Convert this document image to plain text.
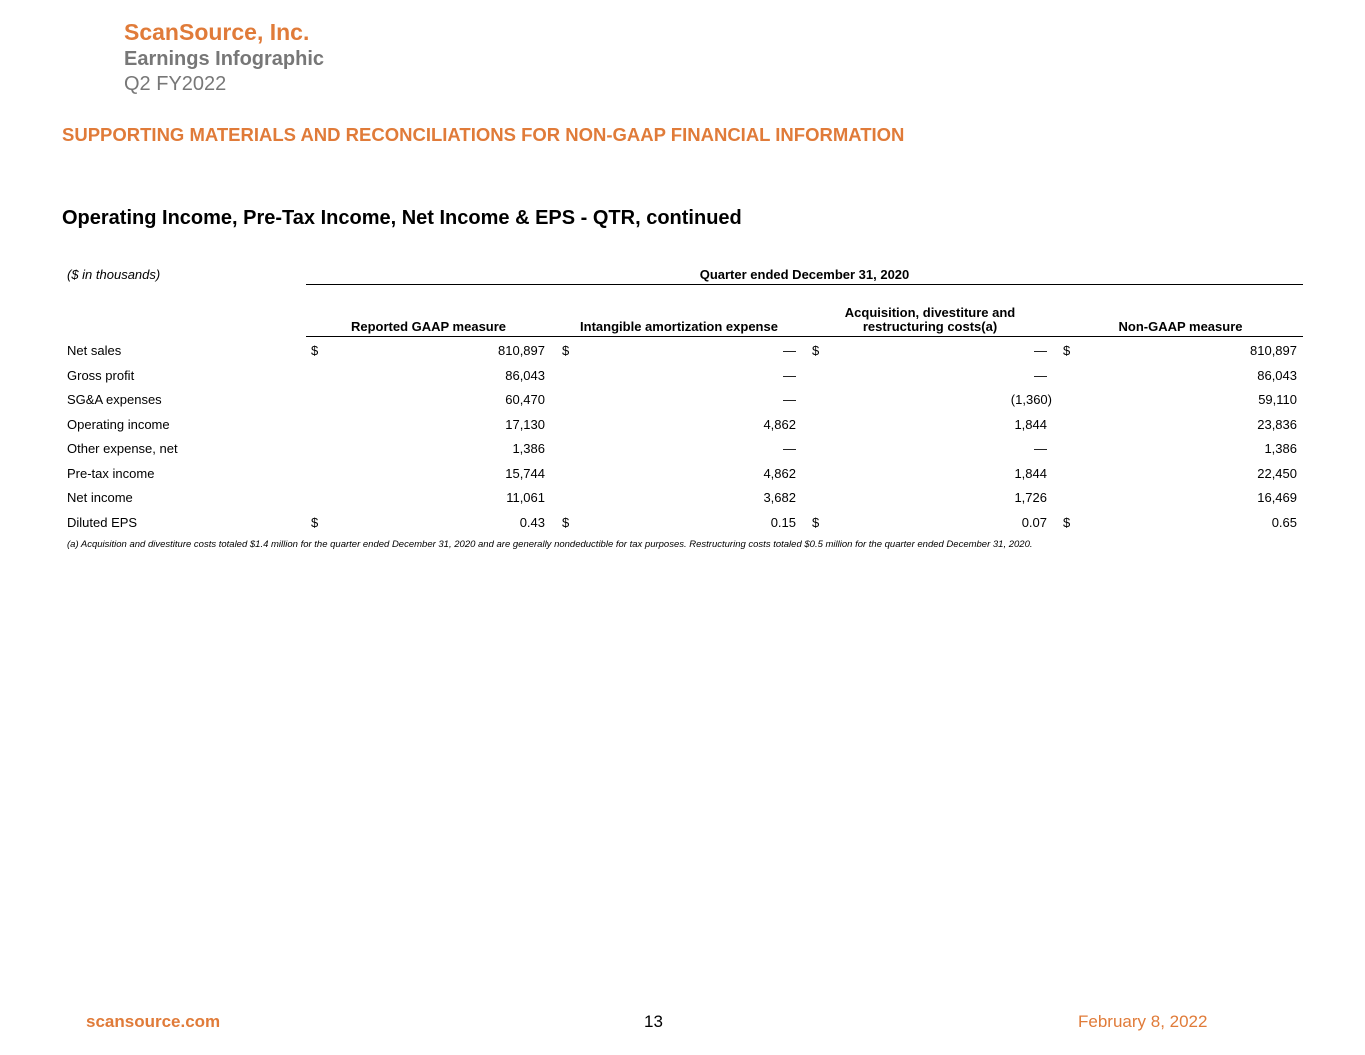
ScanSource, Inc.
Earnings Infographic
Q2 FY2022
SUPPORTING MATERIALS AND RECONCILIATIONS FOR NON-GAAP FINANCIAL INFORMATION
Operating Income, Pre-Tax Income, Net Income & EPS - QTR, continued
($ in thousands)	Quarter ended December 31, 2020
Reported GAAP measure	Intangible amortization expense
Acquisition, divestiture and restructuring costs(a)	Non-GAAP measure
Net sales	$	810,897 $	— $	— $	810,897
Gross profit	86,043	—	—	86,043
SG&A expenses	60,470	—	(1,360)	59,110
Operating income	17,130	4,862	1,844	23,836
Other expense, net	1,386	—	—	1,386
Pre-tax income	15,744	4,862	1,844	22,450
Net income	11,061	3,682	1,726	16,469
Diluted EPS	$	0.43 $	0.15 $	0.07 $	0.65
(a) Acquisition and divestiture costs totaled $1.4 million for the quarter ended December 31, 2020 and are generally nondeductible for tax purposes. Restructuring costs totaled $0.5 million for the quarter ended December 31, 2020.
scansource.com	13	February 8, 2022
